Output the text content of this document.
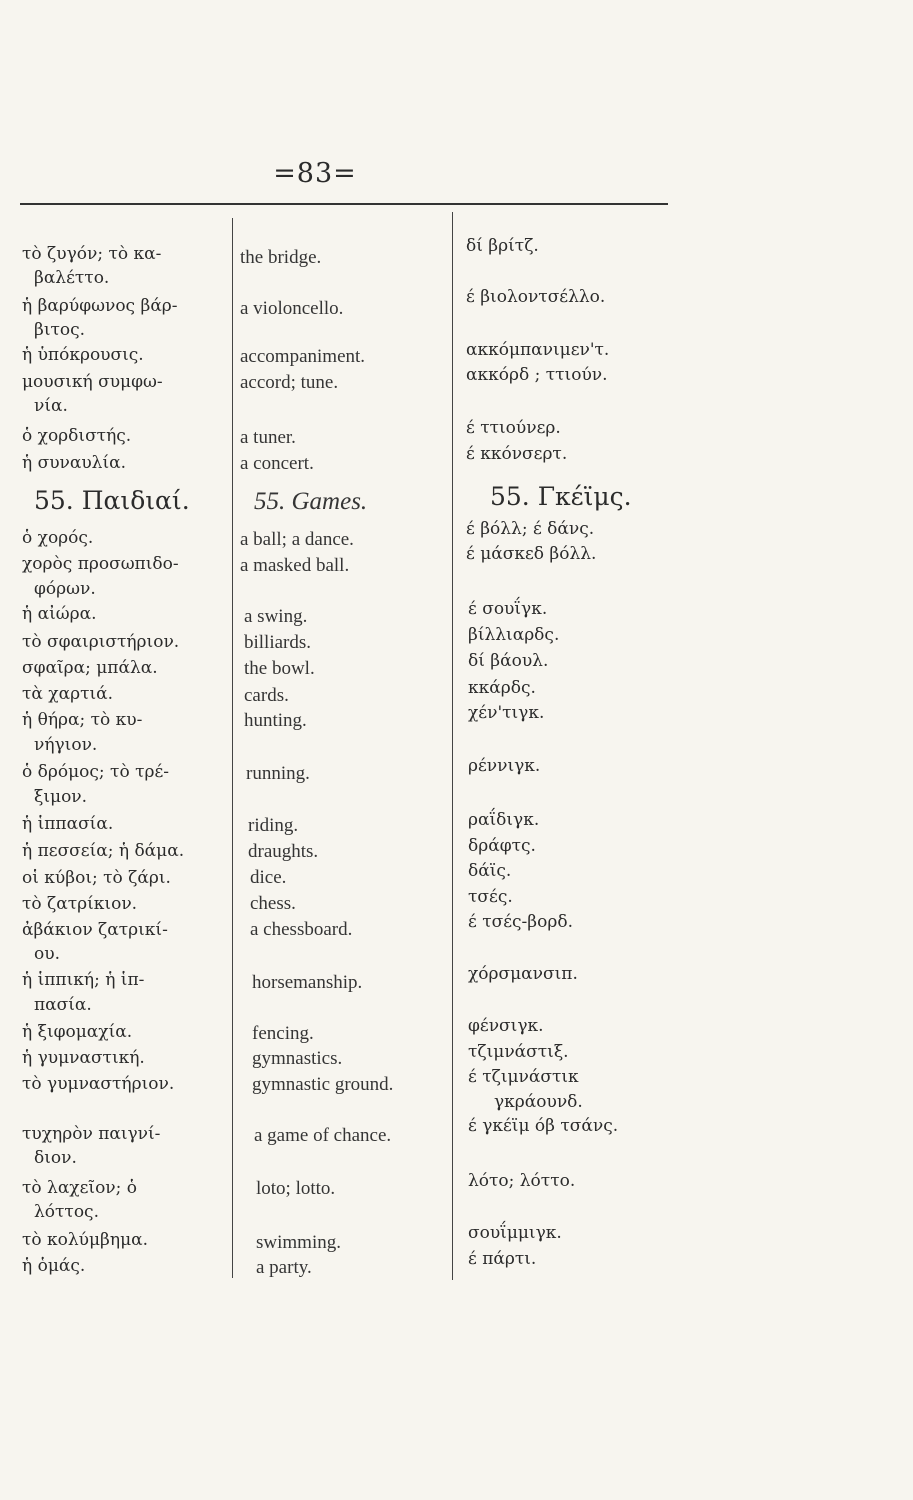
=83=
τὸ ζυγόν; τὸ κα-
βαλέττο.
ἡ βαρύφωνος βάρ-
βιτος.
ἡ ὑπόκρουσις.
μουσική συμφω-
νία.
ὁ χορδιστής.
ἡ συναυλία.
55. Παιδιαί.
ὁ χορός.
χορὸς προσωπιδο-
φόρων.
ἡ αἰώρα.
τὸ σφαιριστήριον.
σφαῖρα; μπάλα.
τὰ χαρτιά.
ἡ θήρα; τὸ κυ-
νήγιον.
ὁ δρόμος; τὸ τρέ-
ξιμον.
ἡ ἱππασία.
ἡ πεσσεία; ἡ δάμα.
οἱ κύβοι; τὸ ζάρι.
τὸ ζατρίκιον.
ἀβάκιον ζατρικί-
ου.
ἡ ἱππική; ἡ ἱπ-
πασία.
ἡ ξιφομαχία.
ἡ γυμναστική.
τὸ γυμναστήριον.
τυχηρὸν παιγνί-
διον.
τὸ λαχεῖον; ὁ
λόττος.
τὸ κολύμβημα.
ἡ ὁμάς.
the bridge.
a violoncello.
accompaniment.
accord; tune.
a tuner.
a concert.
55. Games.
a ball; a dance.
a masked ball.
a swing.
billiards.
the bowl.
cards.
hunting.
running.
riding.
draughts.
dice.
chess.
a chessboard.
horsemanship.
fencing.
gymnastics.
gymnastic ground.
a game of chance.
loto; lotto.
swimming.
a party.
δί βρίτζ.
έ βιολοντσέλλο.
ακκόμπανιμεν'τ.
ακκόρδ ; ττιούν.
έ ττιούνερ.
έ κκόνσερτ.
55. Γκέϊμς.
έ βόλλ; έ δάνς.
έ μάσκεδ βόλλ.
έ σουΐγκ.
βίλλιαρδς.
δί βάουλ.
κκάρδς.
χέν'τιγκ.
ρέννιγκ.
ραΐδιγκ.
δράφτς.
δάϊς.
τσές.
έ τσές-βορδ.
χόρσμανσιπ.
φένσιγκ.
τζιμνάστιξ.
έ τζιμνάστικ
γκράουνδ.
έ γκέϊμ όβ τσάνς.
λότο; λόττο.
σουΐμμιγκ.
έ πάρτι.
